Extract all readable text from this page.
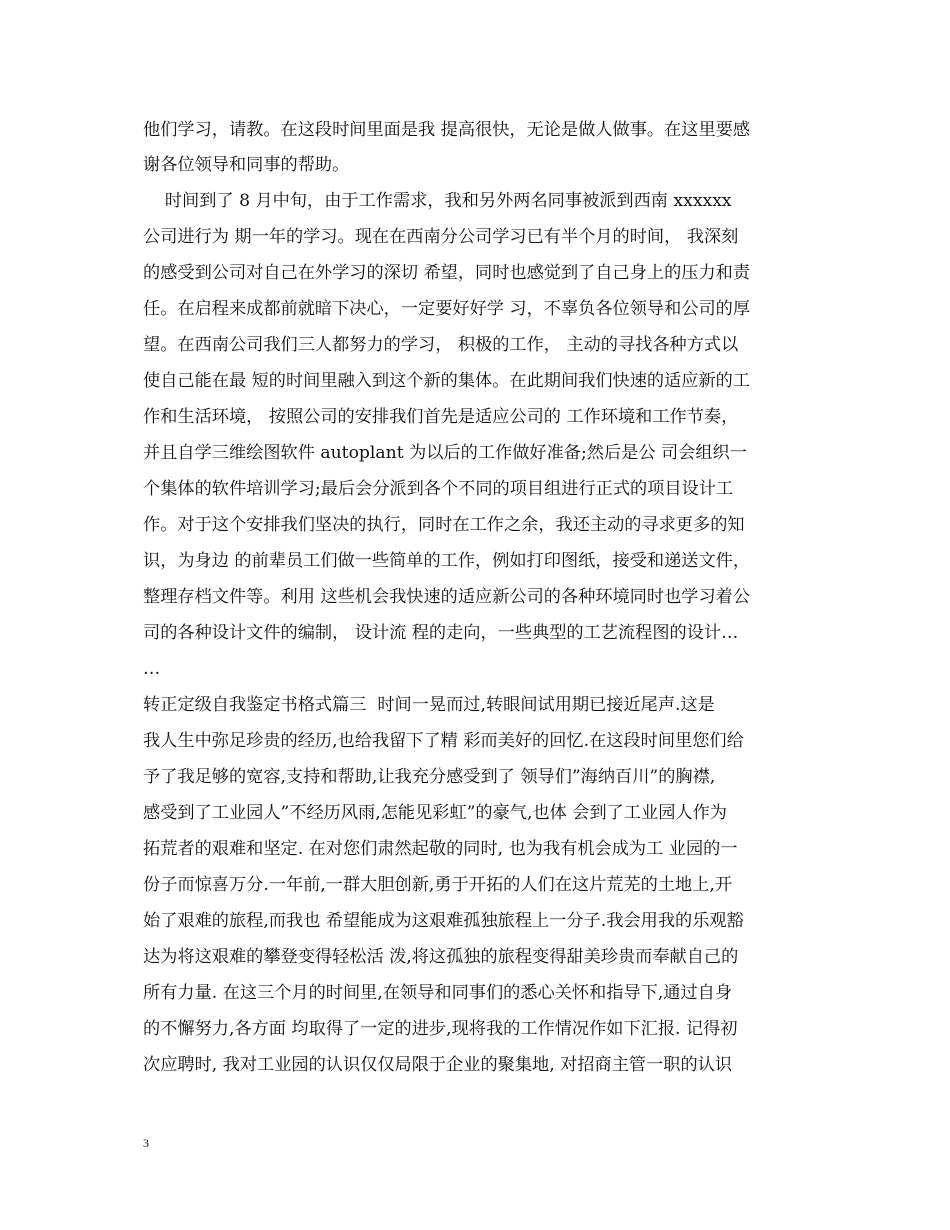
他们学习，请教。在这段时间里面是我 提高很快，无论是做人做事。在这里要感
谢各位领导和同事的帮助。
时间到了 8 月中旬，由于工作需求，我和另外两名同事被派到西南 xxxxxx
公司进行为 期一年的学习。现在在西南分公司学习已有半个月的时间， 我深刻
的感受到公司对自己在外学习的深切 希望，同时也感觉到了自己身上的压力和责
任。在启程来成都前就暗下决心，一定要好好学 习，不辜负各位领导和公司的厚
望。在西南公司我们三人都努力的学习， 积极的工作， 主动的寻找各种方式以
使自己能在最 短的时间里融入到这个新的集体。在此期间我们快速的适应新的工
作和生活环境， 按照公司的安排我们首先是适应公司的 工作环境和工作节奏，
并且自学三维绘图软件 autoplant 为以后的工作做好准备;然后是公 司会组织一
个集体的软件培训学习;最后会分派到各个不同的项目组进行正式的项目设计工
作。对于这个安排我们坚决的执行，同时在工作之余，我还主动的寻求更多的知
识，为身边 的前辈员工们做一些简单的工作，例如打印图纸，接受和递送文件，
整理存档文件等。利用 这些机会我快速的适应新公司的各种环境同时也学习着公
司的各种设计文件的编制， 设计流 程的走向，一些典型的工艺流程图的设计…
…
转正定级自我鉴定书格式篇三  时间一晃而过,转眼间试用期已接近尾声.这是
我人生中弥足珍贵的经历,也给我留下了精 彩而美好的回忆.在这段时间里您们给
予了我足够的宽容,支持和帮助,让我充分感受到了 领导们”海纳百川”的胸襟,
感受到了工业园人”不经历风雨,怎能见彩虹”的豪气,也体 会到了工业园人作为
拓荒者的艰难和坚定. 在对您们肃然起敬的同时, 也为我有机会成为工 业园的一
份子而惊喜万分.一年前,一群大胆创新,勇于开拓的人们在这片荒芜的土地上,开
始了艰难的旅程,而我也 希望能成为这艰难孤独旅程上一分子.我会用我的乐观豁
达为将这艰难的攀登变得轻松活 泼,将这孤独的旅程变得甜美珍贵而奉献自己的
所有力量. 在这三个月的时间里,在领导和同事们的悉心关怀和指导下,通过自身
的不懈努力,各方面 均取得了一定的进步,现将我的工作情况作如下汇报. 记得初
次应聘时, 我对工业园的认识仅仅局限于企业的聚集地, 对招商主管一职的认识
3
